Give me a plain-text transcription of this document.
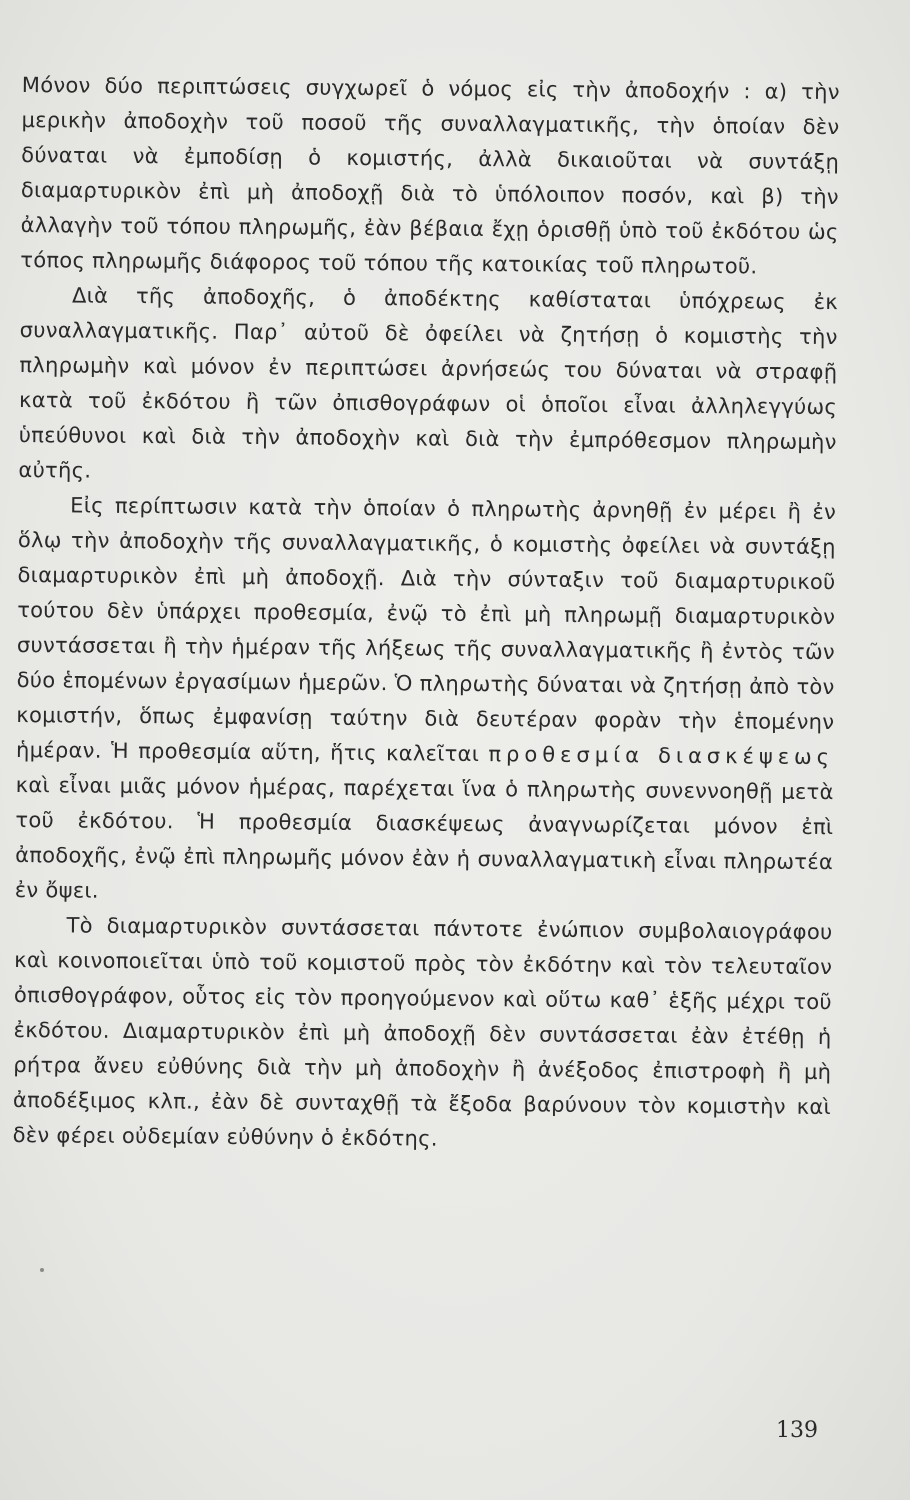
Μόνον δύο περιπτώσεις συγχωρεῖ ὁ νόμος εἰς τὴν ἀποδοχήν : α) τὴν μερικὴν ἀποδοχὴν τοῦ ποσοῦ τῆς συναλλαγματικῆς, τὴν ὁποίαν δὲν δύναται νὰ ἐμποδίσῃ ὁ κομιστής, ἀλλὰ δικαιοῦται νὰ συντάξῃ διαμαρτυρικὸν ἐπὶ μὴ ἀποδοχῇ διὰ τὸ ὑπόλοιπον ποσόν, καὶ β) τὴν ἀλλαγὴν τοῦ τόπου πληρωμῆς, ἐὰν βέβαια ἔχῃ ὁρισθῇ ὑπὸ τοῦ ἐκδότου ὡς τόπος πληρωμῆς διάφορος τοῦ τόπου τῆς κατοικίας τοῦ πληρωτοῦ.

Διὰ τῆς ἀποδοχῆς, ὁ ἀποδέκτης καθίσταται ὑπόχρεως ἐκ συναλλαγματικῆς. Παρ᾽ αὐτοῦ δὲ ὀφείλει νὰ ζητήσῃ ὁ κομιστὴς τὴν πληρωμὴν καὶ μόνον ἐν περιπτώσει ἀρνήσεώς του δύναται νὰ στραφῇ κατὰ τοῦ ἐκδότου ἢ τῶν ὀπισθογράφων οἱ ὁποῖοι εἶναι ἀλληλεγγύως ὑπεύθυνοι καὶ διὰ τὴν ἀποδοχὴν καὶ διὰ τὴν ἐμπρόθεσμον πληρωμὴν αὐτῆς.

Εἰς περίπτωσιν κατὰ τὴν ὁποίαν ὁ πληρωτὴς ἀρνηθῇ ἐν μέρει ἢ ἐν ὅλῳ τὴν ἀποδοχὴν τῆς συναλλαγματικῆς, ὁ κομιστὴς ὀφείλει νὰ συντάξῃ διαμαρτυρικὸν ἐπὶ μὴ ἀποδοχῇ. Διὰ τὴν σύνταξιν τοῦ διαμαρτυρικοῦ τούτου δὲν ὑπάρχει προθεσμία, ἐνῷ τὸ ἐπὶ μὴ πληρωμῇ διαμαρτυρικὸν συντάσσεται ἢ τὴν ἡμέραν τῆς λήξεως τῆς συναλλαγματικῆς ἢ ἐντὸς τῶν δύο ἑπομένων ἐργασίμων ἡμερῶν. Ὁ πληρωτὴς δύναται νὰ ζητήσῃ ἀπὸ τὸν κομιστήν, ὅπως ἐμφανίσῃ ταύτην διὰ δευτέραν φορὰν τὴν ἑπομένην ἡμέραν. Ἡ προθεσμία αὕτη, ἥτις καλεῖται προθεσμία διασκέψεως καὶ εἶναι μιᾶς μόνον ἡμέρας, παρέχεται ἵνα ὁ πληρωτὴς συνεννοηθῇ μετὰ τοῦ ἐκδότου. Ἡ προθεσμία διασκέψεως ἀναγνωρίζεται μόνον ἐπὶ ἀποδοχῆς, ἐνῷ ἐπὶ πληρωμῆς μόνον ἐὰν ἡ συναλλαγματικὴ εἶναι πληρωτέα ἐν ὄψει.

Τὸ διαμαρτυρικὸν συντάσσεται πάντοτε ἐνώπιον συμβολαιογράφου καὶ κοινοποιεῖται ὑπὸ τοῦ κομιστοῦ πρὸς τὸν ἐκδότην καὶ τὸν τελευταῖον ὀπισθογράφον, οὗτος εἰς τὸν προηγούμενον καὶ οὕτω καθ᾽ ἑξῆς μέχρι τοῦ ἐκδότου. Διαμαρτυρικὸν ἐπὶ μὴ ἀποδοχῇ δὲν συντάσσεται ἐὰν ἐτέθῃ ἡ ρήτρα ἄνευ εὐθύνης διὰ τὴν μὴ ἀποδοχὴν ἢ ἀνέξοδος ἐπιστροφὴ ἢ μὴ ἀποδέξιμος κλπ., ἐὰν δὲ συνταχθῇ τὰ ἔξοδα βαρύνουν τὸν κομιστὴν καὶ δὲν φέρει οὐδεμίαν εὐθύνην ὁ ἐκδότης.

139
